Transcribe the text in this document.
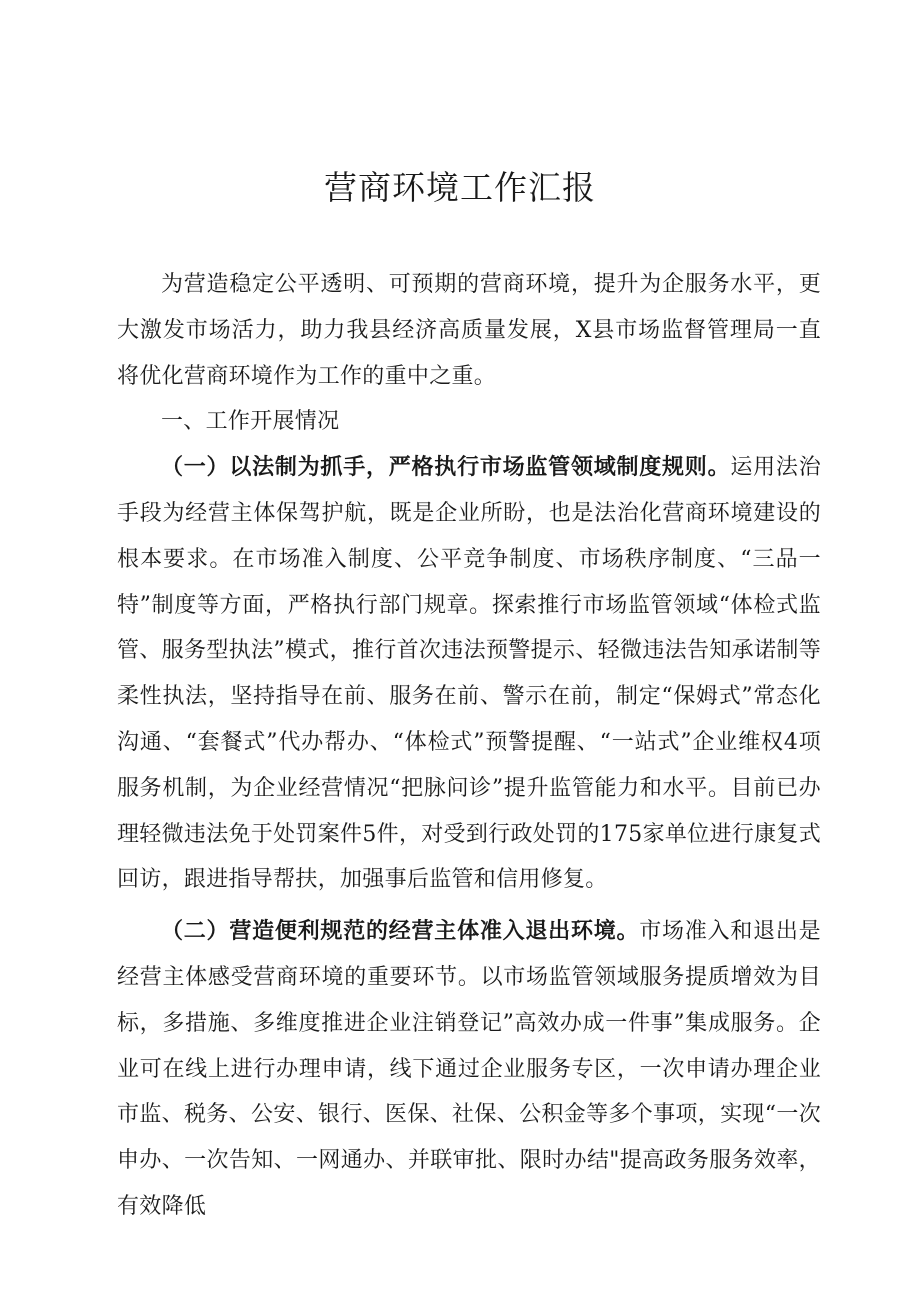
营商环境工作汇报

为营造稳定公平透明、可预期的营商环境，提升为企服务水平，更大激发市场活力，助力我县经济高质量发展，X县市场监督管理局一直将优化营商环境作为工作的重中之重。

一、工作开展情况

（一）以法制为抓手，严格执行市场监管领域制度规则。运用法治手段为经营主体保驾护航，既是企业所盼，也是法治化营商环境建设的根本要求。在市场准入制度、公平竞争制度、市场秩序制度、“三品一特”制度等方面，严格执行部门规章。探索推行市场监管领域“体检式监管、服务型执法”模式，推行首次违法预警提示、轻微违法告知承诺制等柔性执法，坚持指导在前、服务在前、警示在前，制定“保姆式”常态化沟通、“套餐式”代办帮办、“体检式”预警提醒、“一站式”企业维权4项服务机制，为企业经营情况“把脉问诊”提升监管能力和水平。目前已办理轻微违法免于处罚案件5件，对受到行政处罚的175家单位进行康复式回访，跟进指导帮扶，加强事后监管和信用修复。

（二）营造便利规范的经营主体准入退出环境。市场准入和退出是经营主体感受营商环境的重要环节。以市场监管领域服务提质增效为目标，多措施、多维度推进企业注销登记”高效办成一件事”集成服务。企业可在线上进行办理申请，线下通过企业服务专区，一次申请办理企业市监、税务、公安、银行、医保、社保、公积金等多个事项，实现“一次申办、一次告知、一网通办、并联审批、限时办结"提高政务服务效率，有效降低
